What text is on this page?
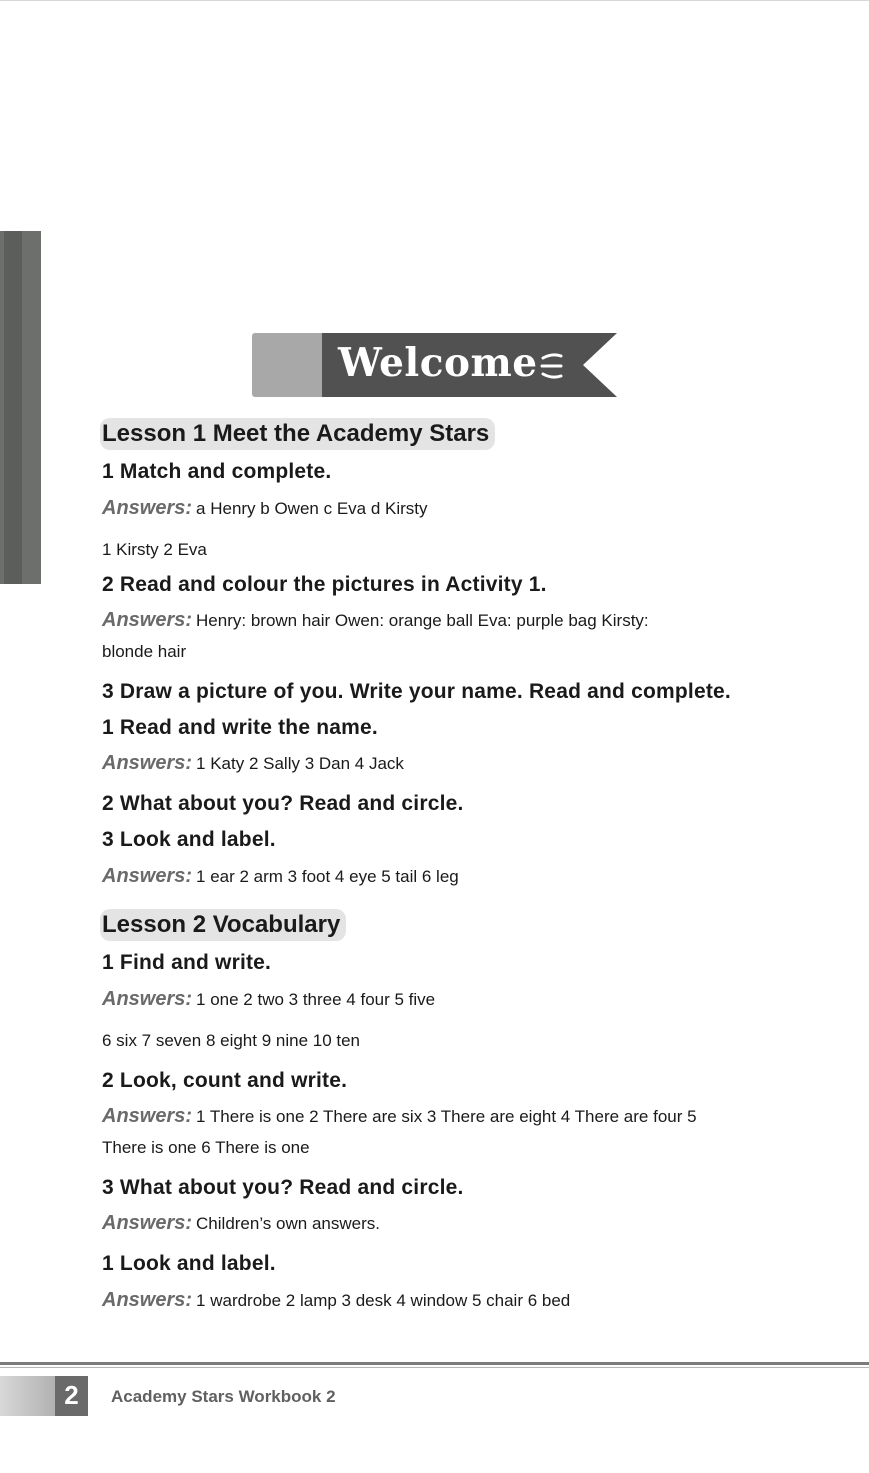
Welcome
Lesson 1 Meet the Academy Stars
1 Match and complete.
Answers: a Henry b Owen c Eva d Kirsty
1 Kirsty 2 Eva
2 Read and colour the pictures in Activity 1.
Answers: Henry: brown hair Owen: orange ball Eva: purple bag Kirsty:
blonde hair
3 Draw a picture of you. Write your name. Read and complete.
1 Read and write the name.
Answers: 1 Katy 2 Sally 3 Dan 4 Jack
2 What about you? Read and circle.
3 Look and label.
Answers: 1 ear 2 arm 3 foot 4 eye 5 tail 6 leg
Lesson 2 Vocabulary
1 Find and write.
Answers: 1 one 2 two 3 three 4 four 5 five
6 six 7 seven 8 eight 9 nine 10 ten
2 Look, count and write.
Answers: 1 There is one 2 There are six 3 There are eight 4 There are four 5
There is one 6 There is one
3 What about you? Read and circle.
Answers: Children’s own answers.
1 Look and label.
Answers: 1 wardrobe 2 lamp 3 desk 4 window 5 chair 6 bed
2	Academy Stars Workbook 2
